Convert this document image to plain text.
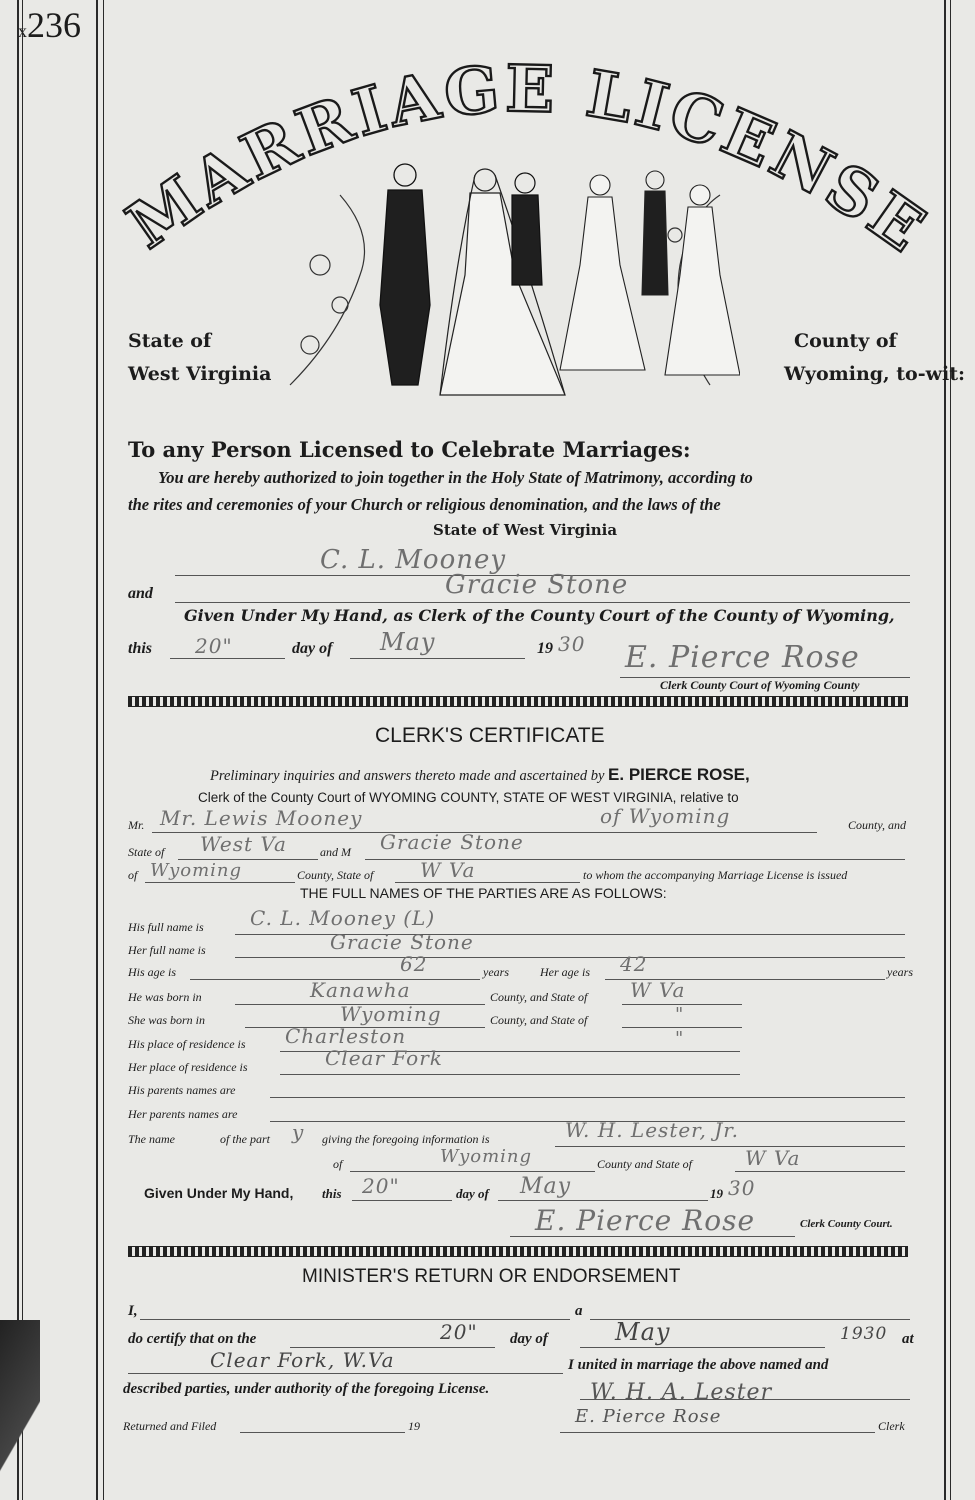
x236
MARRIAGE LICENSE
State of
West Virginia
County of
Wyoming, to-wit:
To any Person Licensed to Celebrate Marriages:
You are hereby authorized to join together in the Holy State of Matrimony, according to
the rites and ceremonies of your Church or religious denomination, and the laws of the
State of West Virginia
C. L. Mooney
and	Gracie Stone
Given Under My Hand, as Clerk of the County Court of the County of Wyoming,
this 20"	day of May	19 30 E. Pierce Rose
Clerk County Court of Wyoming County
CLERK'S CERTIFICATE
Preliminary inquiries and answers thereto made and ascertained by E. PIERCE ROSE,
Clerk of the County Court of WYOMING COUNTY, STATE OF WEST VIRGINIA, relative to
Mr. Mr. Lewis Mooney	of Wyoming	County, and
State of West Va	and M Gracie Stone
of Wyoming	County, State of W Va	to whom the accompanying Marriage License is issued
THE FULL NAMES OF THE PARTIES ARE AS FOLLOWS:
His full name is C. L. Mooney (L)
Her full name is	Gracie Stone
His age is	62	years	Her age is 42	years
He was born in	Kanawha	County, and State of W Va
She was born in	Wyoming	County, and State of	"
His place of residence is Charleston	"
Her place of residence is	Clear Fork
His parents names are
Her parents names are
The name	of the part y giving the foregoing information is	W. H. Lester, Jr.
of	Wyoming	County and State of	W Va
Given Under My Hand, this 20"	day of May	19 30
E. Pierce Rose	Clerk County Court.
MINISTER'S RETURN OR ENDORSEMENT
I,	a
do certify that on the	20" day of	May	1930 at
Clear Fork, W.Va	I united in marriage the above named and
described parties, under authority of the foregoing License.	W. H. A. Lester
Returned and Filed	19	E. Pierce Rose	Clerk
